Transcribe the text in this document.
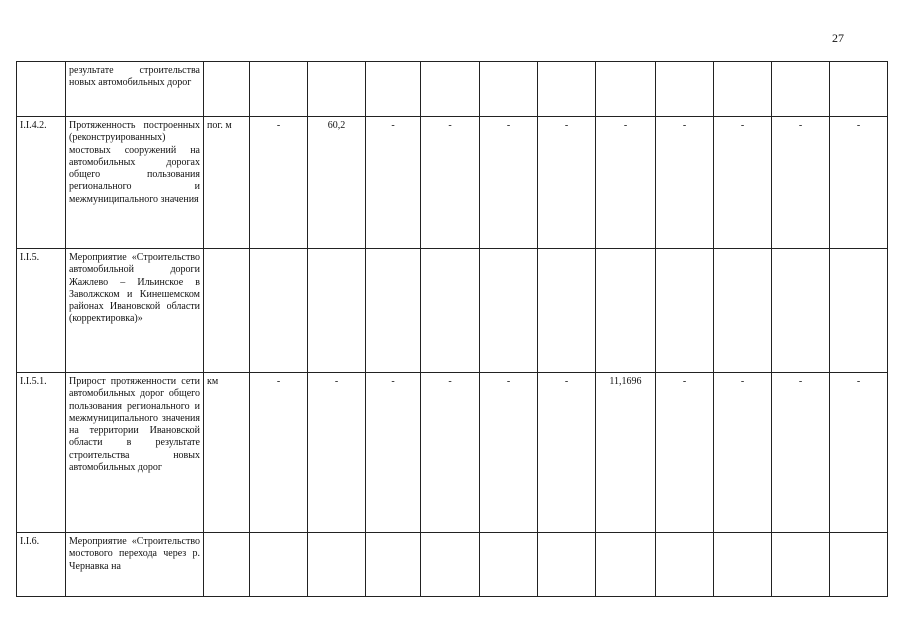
27
	результате строительства новых автомобильных дорог												
I.I.4.2.	Протяженность построенных (реконструированных) мостовых сооружений на автомобильных дорогах общего пользования регионального и межмуниципального значения	пог. м	-	60,2	-	-	-	-	-	-	-	-	-
I.I.5.	Мероприятие «Строительство автомобильной дороги Жажлево – Ильинское в Заволжском и Кинешемском районах Ивановской области (корректировка)»												
I.I.5.1.	Прирост протяженности сети автомобильных дорог общего пользования регионального и межмуниципального значения на территории Ивановской области в результате строительства новых автомобильных дорог	км	-	-	-	-	-	-	11,1696	-	-	-	-
I.I.6.	Мероприятие «Строительство мостового перехода через р. Чернавка на												
